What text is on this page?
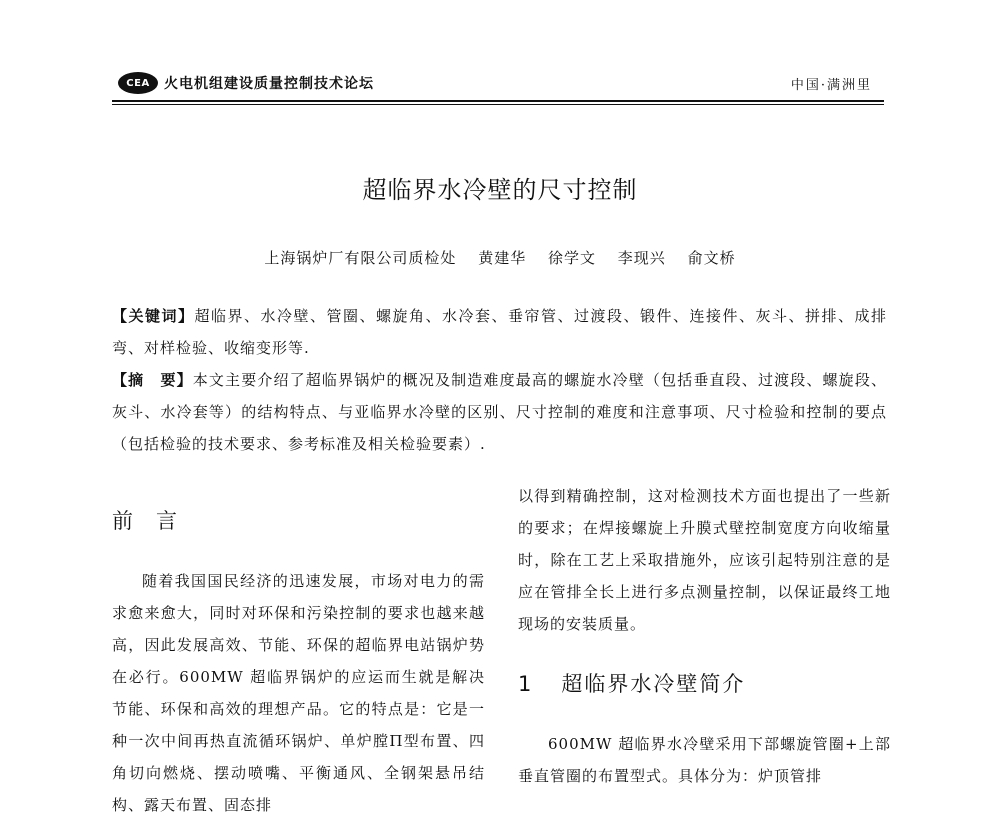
CEA	火电机组建设质量控制技术论坛	中国·满洲里
超临界水冷壁的尺寸控制
上海锅炉厂有限公司质检处 黄建华 徐学文 李现兴 俞文桥
【关键词】超临界、水冷壁、管圈、螺旋角、水冷套、垂帘管、过渡段、锻件、连接件、灰斗、拼排、成排弯、对样检验、收缩变形等.
【摘　要】本文主要介绍了超临界锅炉的概况及制造难度最高的螺旋水冷壁（包括垂直段、过渡段、螺旋段、灰斗、水冷套等）的结构特点、与亚临界水冷壁的区别、尺寸控制的难度和注意事项、尺寸检验和控制的要点（包括检验的技术要求、参考标准及相关检验要素）.
前　言

随着我国国民经济的迅速发展，市场对电力的需求愈来愈大，同时对环保和污染控制的要求也越来越高，因此发展高效、节能、环保的超临界电站锅炉势在必行。600MW 超临界锅炉的应运而生就是解决节能、环保和高效的理想产品。它的特点是：它是一种一次中间再热直流循环锅炉、单炉膛Π型布置、四角切向燃烧、摆动喷嘴、平衡通风、全钢架悬吊结构、露天布置、固态排

以得到精确控制，这对检测技术方面也提出了一些新的要求；在焊接螺旋上升膜式壁控制宽度方向收缩量时，除在工艺上采取措施外，应该引起特别注意的是应在管排全长上进行多点测量控制，以保证最终工地现场的安装质量。

1 超临界水冷壁简介

600MW 超临界水冷壁采用下部螺旋管圈+上部垂直管圈的布置型式。具体分为：炉顶管排
